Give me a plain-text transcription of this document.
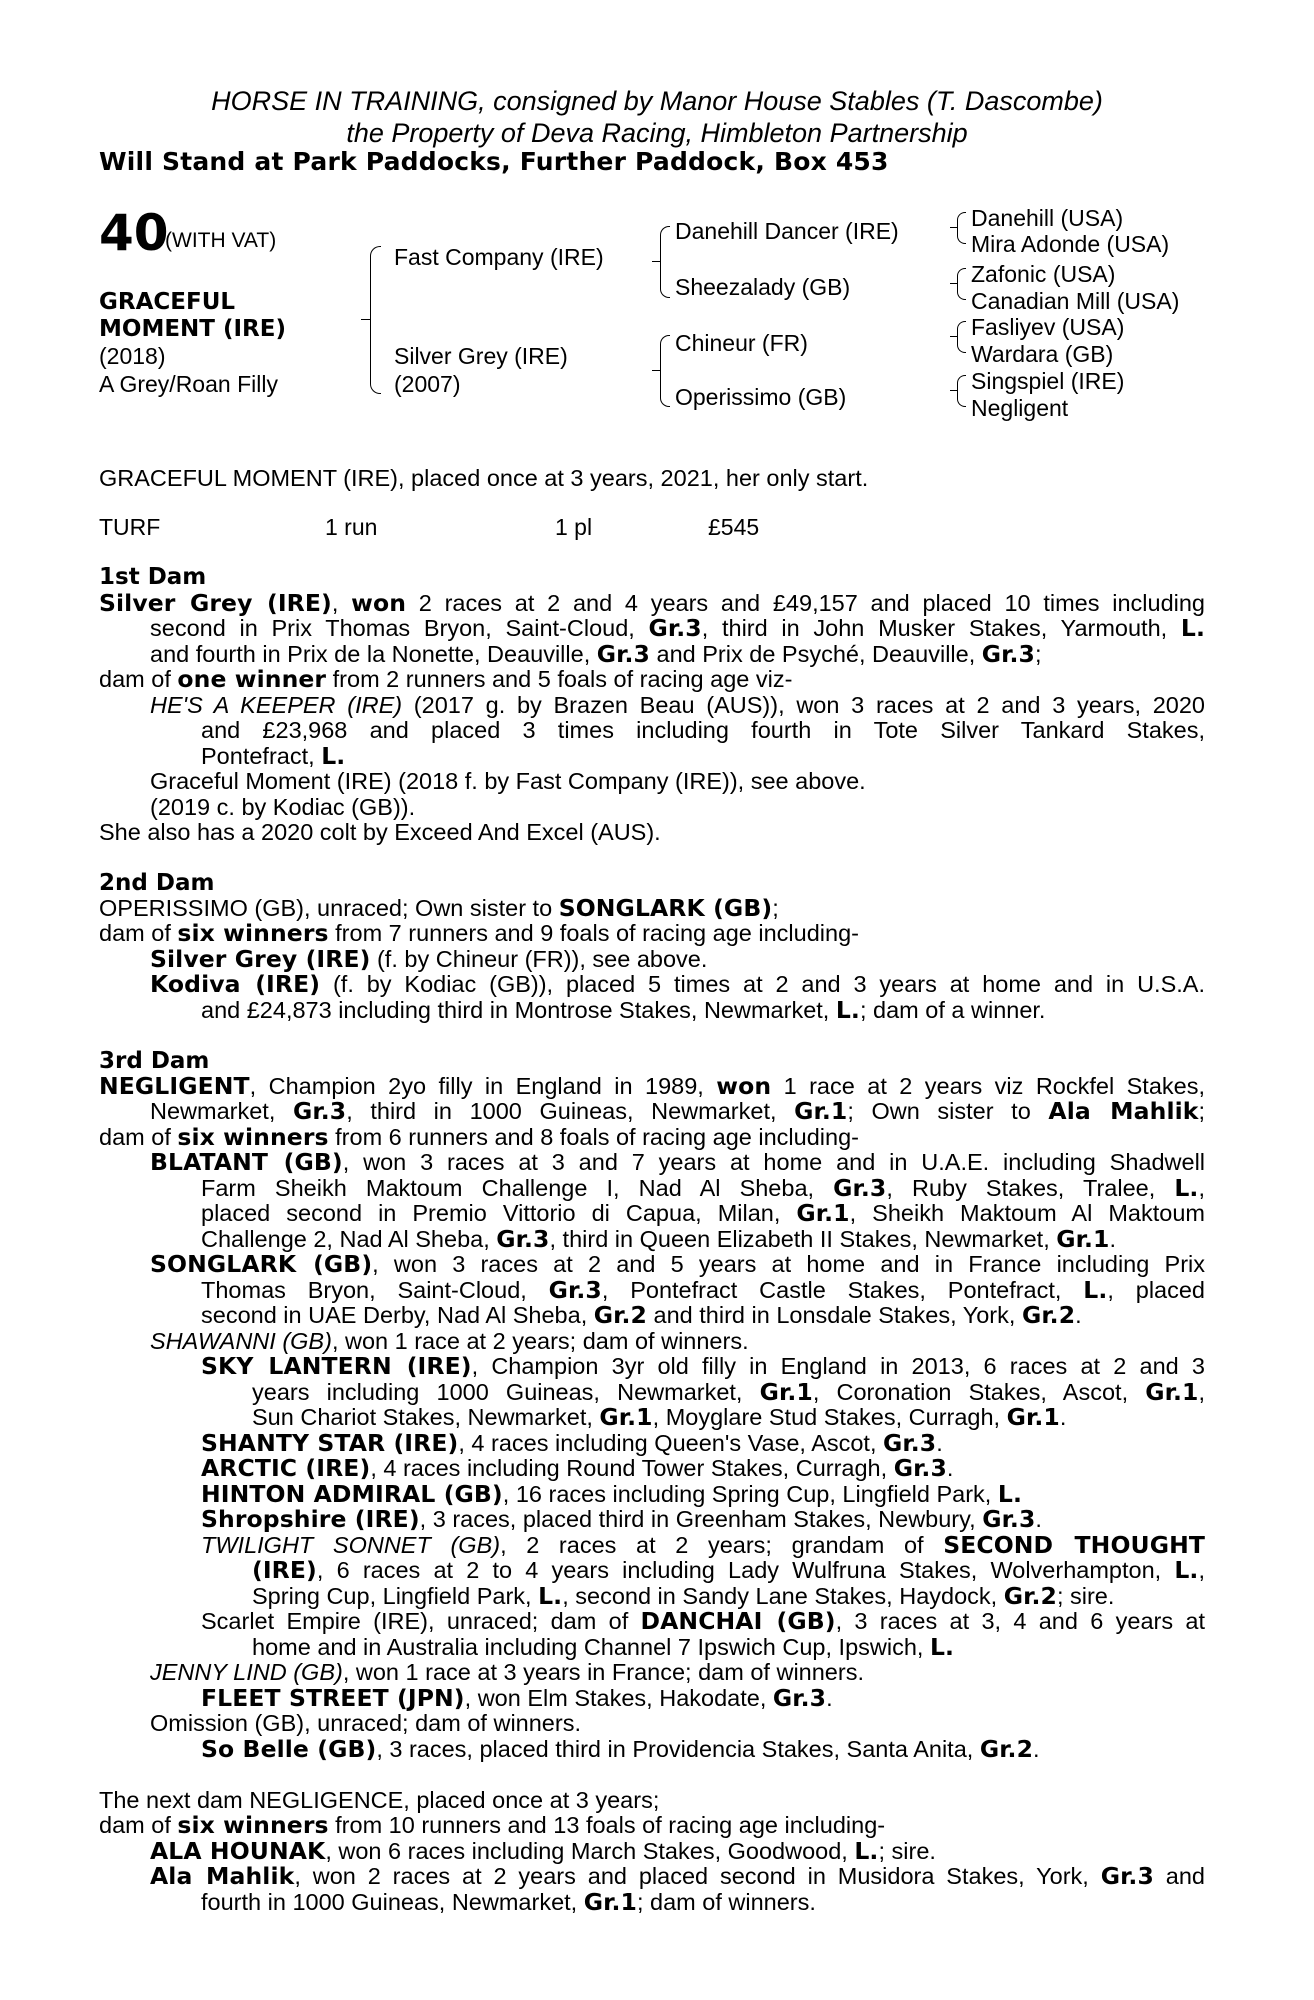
HORSE IN TRAINING, consigned by Manor House Stables (T. Dascombe)
the Property of Deva Racing, Himbleton Partnership
Will Stand at Park Paddocks, Further Paddock, Box 453
40
(WITH VAT)
GRACEFUL
MOMENT (IRE)
(2018)
A Grey/Roan Filly
Fast Company (IRE)
Silver Grey (IRE)
(2007)
Danehill Dancer (IRE)
Sheezalady (GB)
Chineur (FR)
Operissimo (GB)
Danehill (USA)
Mira Adonde (USA)
Zafonic (USA)
Canadian Mill (USA)
Fasliyev (USA)
Wardara (GB)
Singspiel (IRE)
Negligent
GRACEFUL MOMENT (IRE), placed once at 3 years, 2021, her only start.
TURF	1 run	1 pl	£545
1st Dam
Silver Grey (IRE), won 2 races at 2 and 4 years and £49,157 and placed 10 times including
second in Prix Thomas Bryon, Saint-Cloud, Gr.3, third in John Musker Stakes, Yarmouth, L.
and fourth in Prix de la Nonette, Deauville, Gr.3 and Prix de Psyché, Deauville, Gr.3;
dam of one winner from 2 runners and 5 foals of racing age viz-
HE'S A KEEPER (IRE) (2017 g. by Brazen Beau (AUS)), won 3 races at 2 and 3 years, 2020
and £23,968 and placed 3 times including fourth in Tote Silver Tankard Stakes,
Pontefract, L.
Graceful Moment (IRE) (2018 f. by Fast Company (IRE)), see above.
(2019 c. by Kodiac (GB)).
She also has a 2020 colt by Exceed And Excel (AUS).
2nd Dam
OPERISSIMO (GB), unraced; Own sister to SONGLARK (GB);
dam of six winners from 7 runners and 9 foals of racing age including-
Silver Grey (IRE) (f. by Chineur (FR)), see above.
Kodiva (IRE) (f. by Kodiac (GB)), placed 5 times at 2 and 3 years at home and in U.S.A.
and £24,873 including third in Montrose Stakes, Newmarket, L.; dam of a winner.
3rd Dam
NEGLIGENT, Champion 2yo filly in England in 1989, won 1 race at 2 years viz Rockfel Stakes,
Newmarket, Gr.3, third in 1000 Guineas, Newmarket, Gr.1; Own sister to Ala Mahlik;
dam of six winners from 6 runners and 8 foals of racing age including-
BLATANT (GB), won 3 races at 3 and 7 years at home and in U.A.E. including Shadwell
Farm Sheikh Maktoum Challenge I, Nad Al Sheba, Gr.3, Ruby Stakes, Tralee, L.,
placed second in Premio Vittorio di Capua, Milan, Gr.1, Sheikh Maktoum Al Maktoum
Challenge 2, Nad Al Sheba, Gr.3, third in Queen Elizabeth II Stakes, Newmarket, Gr.1.
SONGLARK (GB), won 3 races at 2 and 5 years at home and in France including Prix
Thomas Bryon, Saint-Cloud, Gr.3, Pontefract Castle Stakes, Pontefract, L., placed
second in UAE Derby, Nad Al Sheba, Gr.2 and third in Lonsdale Stakes, York, Gr.2.
SHAWANNI (GB), won 1 race at 2 years; dam of winners.
SKY LANTERN (IRE), Champion 3yr old filly in England in 2013, 6 races at 2 and 3
years including 1000 Guineas, Newmarket, Gr.1, Coronation Stakes, Ascot, Gr.1,
Sun Chariot Stakes, Newmarket, Gr.1, Moyglare Stud Stakes, Curragh, Gr.1.
SHANTY STAR (IRE), 4 races including Queen's Vase, Ascot, Gr.3.
ARCTIC (IRE), 4 races including Round Tower Stakes, Curragh, Gr.3.
HINTON ADMIRAL (GB), 16 races including Spring Cup, Lingfield Park, L.
Shropshire (IRE), 3 races, placed third in Greenham Stakes, Newbury, Gr.3.
TWILIGHT SONNET (GB), 2 races at 2 years; grandam of SECOND THOUGHT
(IRE), 6 races at 2 to 4 years including Lady Wulfruna Stakes, Wolverhampton, L.,
Spring Cup, Lingfield Park, L., second in Sandy Lane Stakes, Haydock, Gr.2; sire.
Scarlet Empire (IRE), unraced; dam of DANCHAI (GB), 3 races at 3, 4 and 6 years at
home and in Australia including Channel 7 Ipswich Cup, Ipswich, L.
JENNY LIND (GB), won 1 race at 3 years in France; dam of winners.
FLEET STREET (JPN), won Elm Stakes, Hakodate, Gr.3.
Omission (GB), unraced; dam of winners.
So Belle (GB), 3 races, placed third in Providencia Stakes, Santa Anita, Gr.2.
The next dam NEGLIGENCE, placed once at 3 years;
dam of six winners from 10 runners and 13 foals of racing age including-
ALA HOUNAK, won 6 races including March Stakes, Goodwood, L.; sire.
Ala Mahlik, won 2 races at 2 years and placed second in Musidora Stakes, York, Gr.3 and
fourth in 1000 Guineas, Newmarket, Gr.1; dam of winners.
